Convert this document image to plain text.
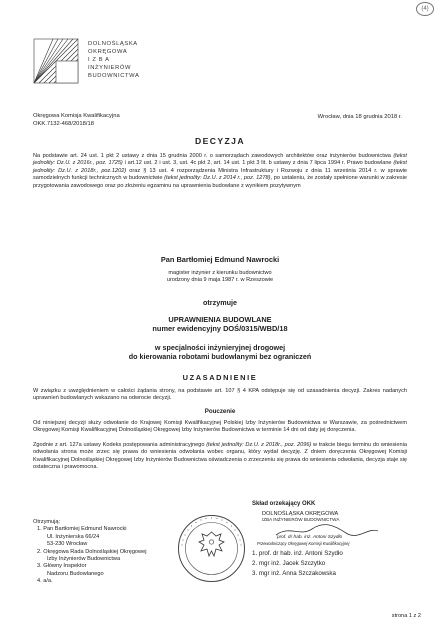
(4)
DOLNOŚLĄSKA
OKRĘGOWA
I Z B A
INŻYNIERÓW
BUDOWNICTWA
Okręgowa Komisja Kwalifikacyjna
OKK.7132-468/2018/18
Wrocław, dnia 18 grudnia 2018 r.
DECYZJA
Na podstawie art. 24 ust. 1 pkt 2 ustawy z dnia 15 grudnia 2000 r. o samorządach zawodowych architektów oraz inżynierów budownictwa (tekst jednolity: Dz.U. z 2016r., poz. 1725) i art.12 ust. 2 i ust. 3, ust. 4c pkt 2, art. 14 ust. 1 pkt 3 lit. b ustawy z dnia 7 lipca 1994 r. Prawo budowlane (tekst jednolity: Dz.U. z 2018r., poz.1202) oraz § 13 ust. 4 rozporządzenia Ministra Infrastruktury i Rozwoju z dnia 11 września 2014 r. w sprawie samodzielnych funkcji technicznych w budownictwie (tekst jednolity: Dz.U. z 2014 r., poz. 1278), po ustaleniu, że zostały spełnione warunki w zakresie przygotowania zawodowego oraz po złożeniu egzaminu na uprawnienia budowlane z wynikiem pozytywnym
Pan Bartłomiej Edmund Nawrocki
magister inżynier z kierunku budownictwo
urodzony dnia 9 maja 1987 r. w Rzeszowie
otrzymuje
UPRAWNIENIA BUDOWLANE
numer ewidencyjny DOŚ/0315/WBD/18
w specjalności inżynieryjnej drogowej
do kierowania robotami budowlanymi bez ograniczeń
UZASADNIENIE
W związku z uwzględnieniem w całości żądania strony, na podstawie art. 107 § 4 KPA odstępuje się od uzasadnienia decyzji. Zakres nadanych uprawnień budowlanych wskazano na odwrocie decyzji.
Pouczenie
Od niniejszej decyzji służy odwołanie do Krajowej Komisji Kwalifikacyjnej Polskiej Izby Inżynierów Budownictwa w Warszawie, za pośrednictwem Okręgowej Komisji Kwalifikacyjnej Dolnośląskiej Okręgowej Izby Inżynierów Budownictwa w terminie 14 dni od daty jej doręczenia.
Zgodnie z art. 127a ustawy Kodeks postępowania administracyjnego (tekst jednolity: Dz.U. z 2018r., poz. 2096) w trakcie biegu terminu do wniesienia odwołania strona może zrzec się prawa do wniesienia odwołania wobec organu, który wydał decyzję. Z dniem doręczenia Okręgowej Komisji Kwalifikacyjnej Dolnośląskiej Okręgowej Izby Inżynierów Budownictwa oświadczenia o zrzeczeniu się prawa do wniesienia odwołania, decyzja staje się ostateczna i prawomocna.
Skład orzekający OKK
DOLNOŚLĄSKA OKRĘGOWA
IZBA INŻYNIERÓW BUDOWNICTWA
prof. dr hab. inż. Antoni Szydło
Przewodniczący Okręgowej Komisji Kwalifikacyjnej
1. prof. dr hab. inż. Antoni Szydło
2. mgr inż. Jacek Szczytko
3. mgr inż. Anna Szczakowska
Otrzymują:
1. Pan Bartłomiej Edmund Nawrocki
Ul. Inżynierska 66/24
53-230 Wrocław
2. Okręgowa Rada Dolnośląskiej Okręgowej
Izby Inżynierów Budownictwa
3. Główny Inspektor
Nadzoru Budowlanego
4. a/a.
strona 1 z 2
